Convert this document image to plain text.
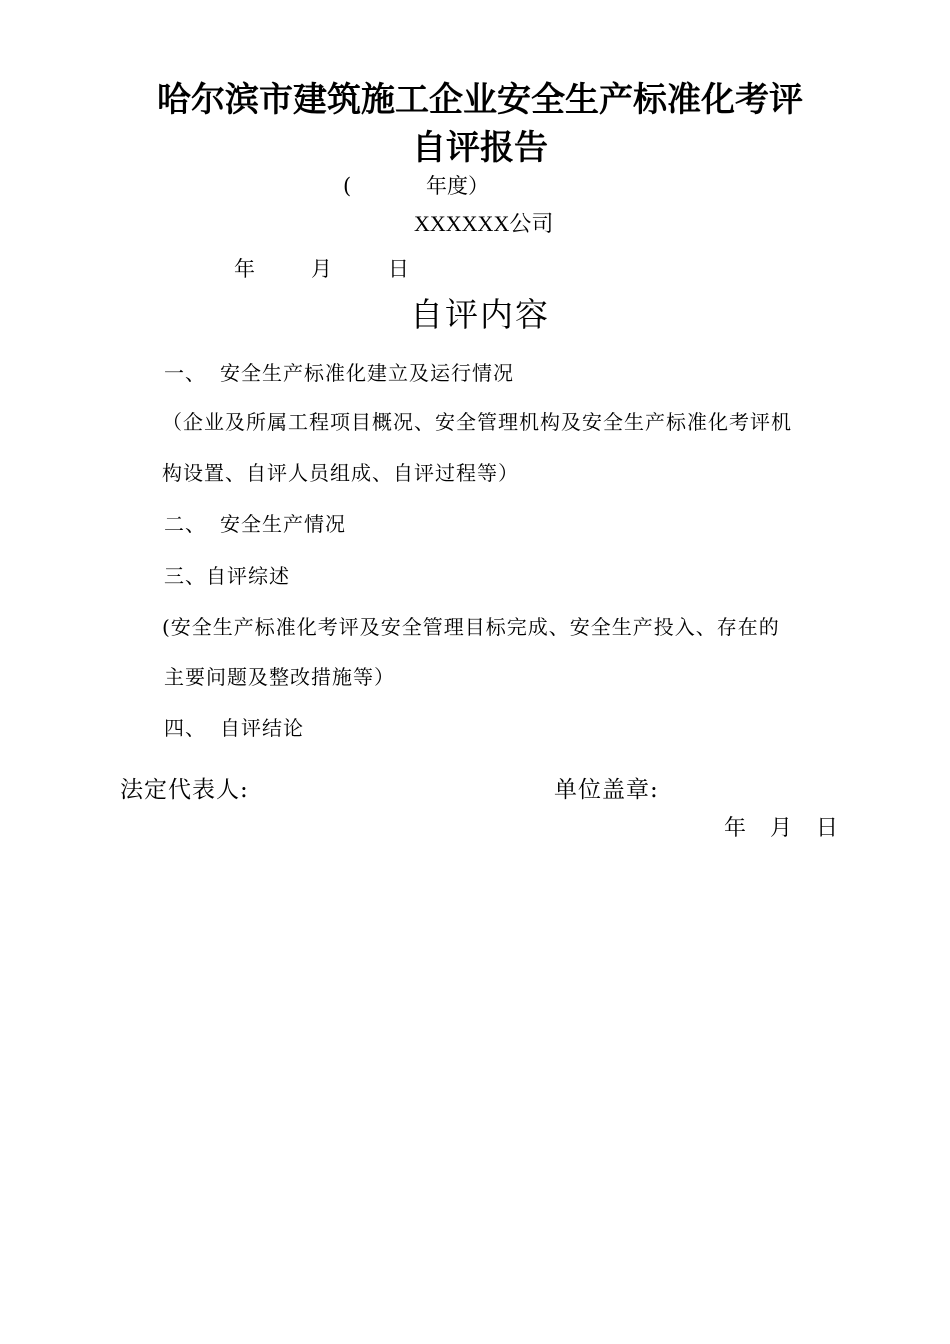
哈尔滨市建筑施工企业安全生产标准化考评
自评报告
(	年度）
XXXXXX公司
年	月	日
自评内容
一、 安全生产标准化建立及运行情况
（企业及所属工程项目概况、安全管理机构及安全生产标准化考评机
构设置、自评人员组成、自评过程等）
二、 安全生产情况
三、自评综述
(安全生产标准化考评及安全管理目标完成、安全生产投入、存在的
主要问题及整改措施等）
四、 自评结论
法定代表人:	单位盖章:
年 月 日
